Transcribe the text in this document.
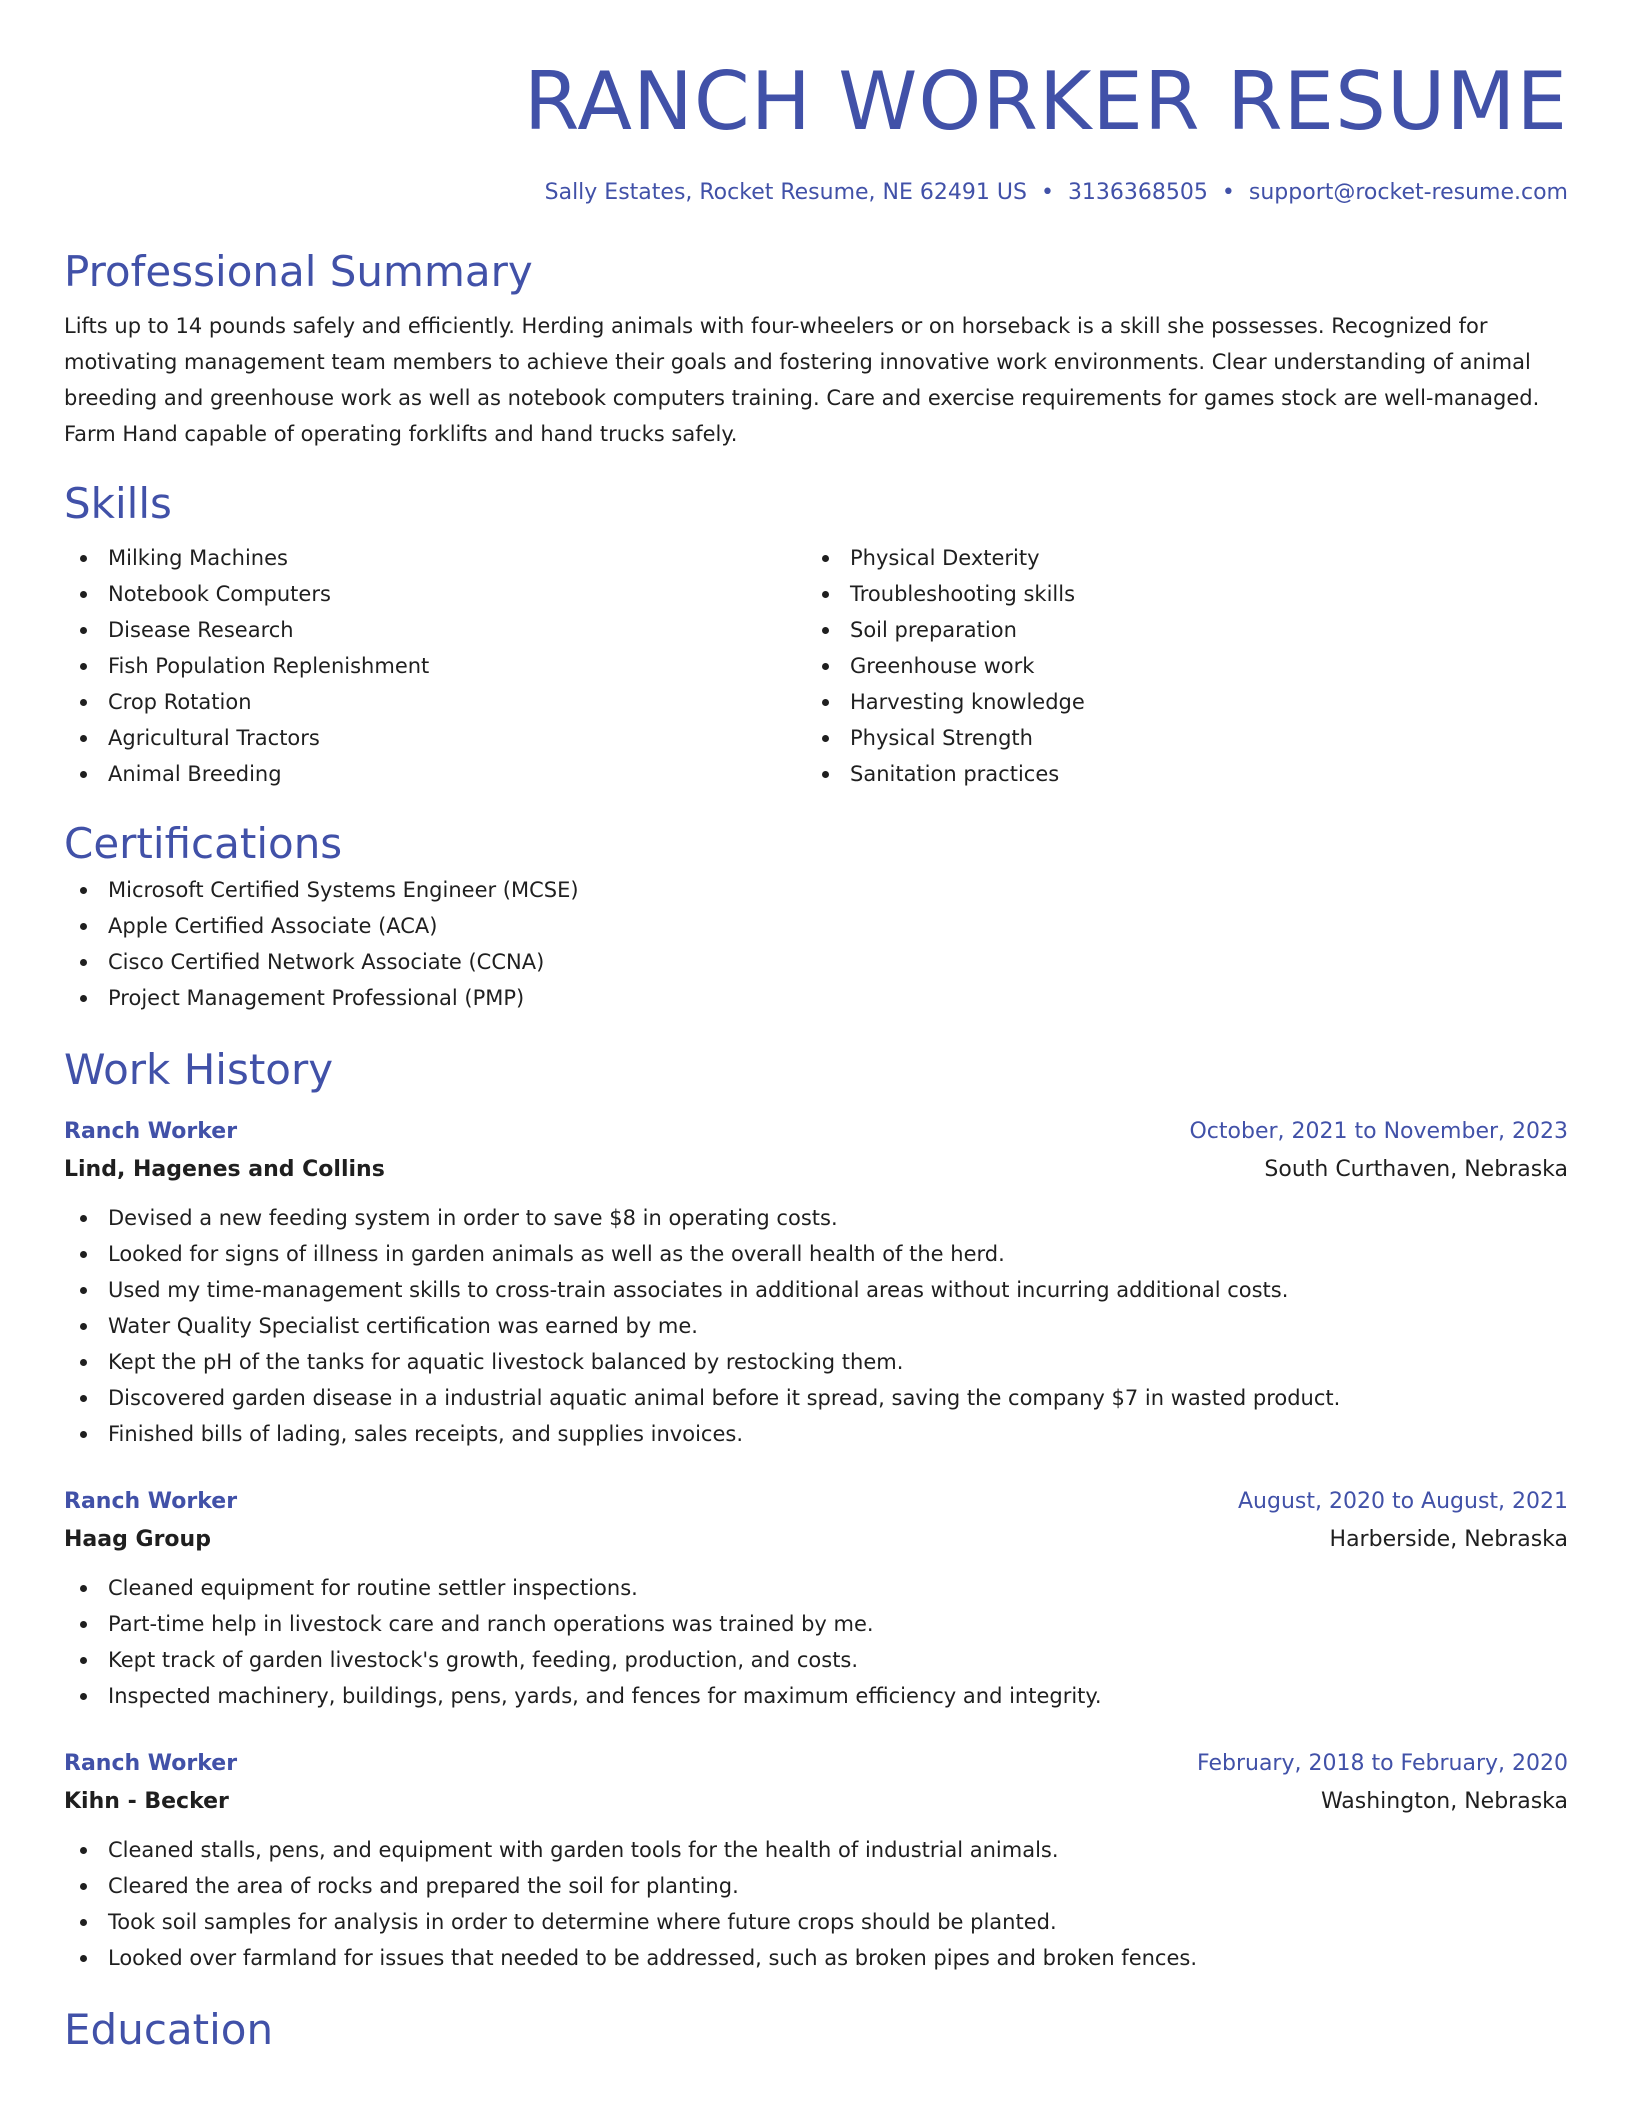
RANCH WORKER RESUME
Sally Estates, Rocket Resume, NE 62491 US • 3136368505 • support@rocket-resume.com
Professional Summary
Lifts up to 14 pounds safely and efficiently. Herding animals with four-wheelers or on horseback is a skill she possesses. Recognized for motivating management team members to achieve their goals and fostering innovative work environments. Clear understanding of animal breeding and greenhouse work as well as notebook computers training. Care and exercise requirements for games stock are well-managed. Farm Hand capable of operating forklifts and hand trucks safely.
Skills
Milking Machines
Notebook Computers
Disease Research
Fish Population Replenishment
Crop Rotation
Agricultural Tractors
Animal Breeding
Physical Dexterity
Troubleshooting skills
Soil preparation
Greenhouse work
Harvesting knowledge
Physical Strength
Sanitation practices
Certifications
Microsoft Certified Systems Engineer (MCSE)
Apple Certified Associate (ACA)
Cisco Certified Network Associate (CCNA)
Project Management Professional (PMP)
Work History
Ranch Worker	October, 2021 to November, 2023
Lind, Hagenes and Collins	South Curthaven, Nebraska
Devised a new feeding system in order to save $8 in operating costs.
Looked for signs of illness in garden animals as well as the overall health of the herd.
Used my time-management skills to cross-train associates in additional areas without incurring additional costs.
Water Quality Specialist certification was earned by me.
Kept the pH of the tanks for aquatic livestock balanced by restocking them.
Discovered garden disease in a industrial aquatic animal before it spread, saving the company $7 in wasted product.
Finished bills of lading, sales receipts, and supplies invoices.
Ranch Worker	August, 2020 to August, 2021
Haag Group	Harberside, Nebraska
Cleaned equipment for routine settler inspections.
Part-time help in livestock care and ranch operations was trained by me.
Kept track of garden livestock's growth, feeding, production, and costs.
Inspected machinery, buildings, pens, yards, and fences for maximum efficiency and integrity.
Ranch Worker	February, 2018 to February, 2020
Kihn - Becker	Washington, Nebraska
Cleaned stalls, pens, and equipment with garden tools for the health of industrial animals.
Cleared the area of rocks and prepared the soil for planting.
Took soil samples for analysis in order to determine where future crops should be planted.
Looked over farmland for issues that needed to be addressed, such as broken pipes and broken fences.
Education
